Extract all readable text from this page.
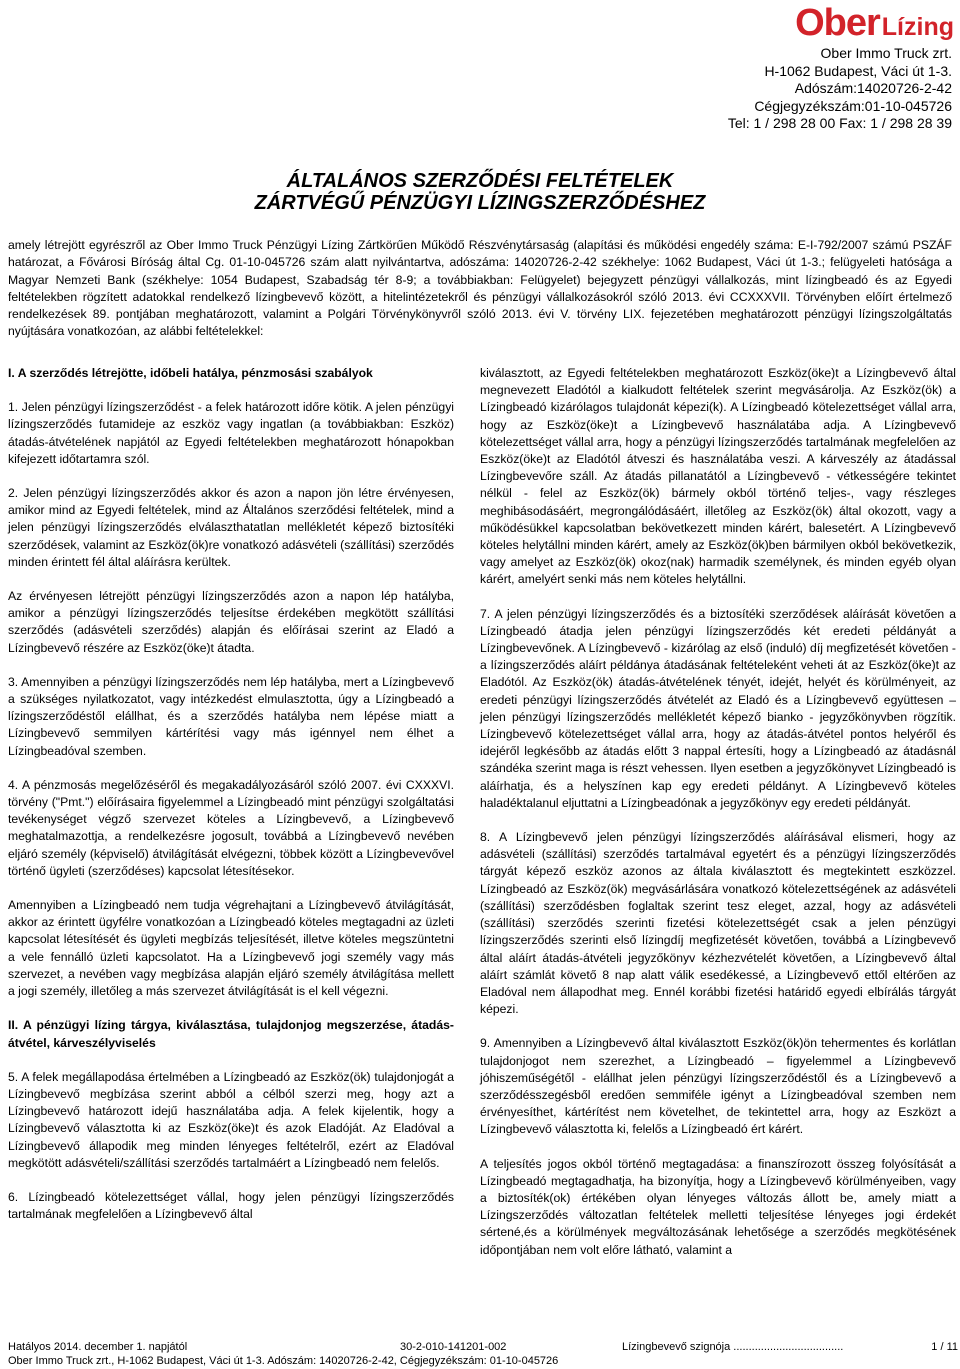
OberLízing
Ober Immo Truck zrt.
H-1062 Budapest, Váci út 1-3.
Adószám:14020726-2-42
Cégjegyzékszám:01-10-045726
Tel: 1 / 298 28 00 Fax: 1 / 298 28 39
ÁLTALÁNOS SZERZŐDÉSI FELTÉTELEK
ZÁRTVÉGŰ PÉNZÜGYI LÍZINGSZERZŐDÉSHEZ
amely létrejött egyrészről az Ober Immo Truck Pénzügyi Lízing Zártkörűen Működő Részvénytársaság (alapítási és működési engedély száma: E-I-792/2007 számú PSZÁF határozat, a Fővárosi Bíróság által Cg. 01-10-045726 szám alatt nyilvántartva, adószáma: 14020726-2-42 székhelye: 1062 Budapest, Váci út 1-3.; felügyeleti hatósága a Magyar Nemzeti Bank (székhelye: 1054 Budapest, Szabadság tér 8-9; a továbbiakban: Felügyelet) bejegyzett pénzügyi vállalkozás, mint lízingbeadó és az Egyedi feltételekben rögzített adatokkal rendelkező lízingbevevő között, a hitelintézetekről és pénzügyi vállalkozásokról szóló 2013. évi CCXXXVII. Törvényben előírt értelmező rendelkezések 89. pontjában meghatározott, valamint a Polgári Törvénykönyvről szóló 2013. évi V. törvény LIX. fejezetében meghatározott pénzügyi lízingszolgáltatás nyújtására vonatkozóan, az alábbi feltételekkel:
I. A szerződés létrejötte, időbeli hatálya, pénzmosási szabályok

1. Jelen pénzügyi lízingszerződést - a felek határozott időre kötik. A jelen pénzügyi lízingszerződés futamideje az eszköz vagy ingatlan (a továbbiakban: Eszköz) átadás-átvételének napjától az Egyedi feltételekben meghatározott hónapokban kifejezett időtartamra szól.

2. Jelen pénzügyi lízingszerződés akkor és azon a napon jön létre érvényesen, amikor mind az Egyedi feltételek, mind az Általános szerződési feltételek, mind a jelen pénzügyi lízingszerződés elválaszthatatlan mellékletét képező biztosítéki szerződések, valamint az Eszköz(ök)re vonatkozó adásvételi (szállítási) szerződés minden érintett fél által aláírásra kerültek.

Az érvényesen létrejött pénzügyi lízingszerződés azon a napon lép hatályba, amikor a pénzügyi lízingszerződés teljesítse érdekében megkötött szállítási szerződés (adásvételi szerződés) alapján és előírásai szerint az Eladó a Lízingbevevő részére az Eszköz(öke)t átadta.

3. Amennyiben a pénzügyi lízingszerződés nem lép hatályba, mert a Lízingbevevő a szükséges nyilatkozatot, vagy intézkedést elmulasztotta, úgy a Lízingbeadó a lízingszerződéstől elállhat, és a szerződés hatályba nem lépése miatt a Lízingbevevő semmilyen kártérítési vagy más igénnyel nem élhet a Lízingbeadóval szemben.

4. A pénzmosás megelőzéséről és megakadályozásáról szóló 2007. évi CXXXVI. törvény ("Pmt.") előírásaira figyelemmel a Lízingbeadó mint pénzügyi szolgáltatási tevékenységet végző szervezet köteles a Lízingbevevő, a Lízingbevevő meghatalmazottja, a rendelkezésre jogosult, továbbá a Lízingbevevő nevében eljáró személy (képviselő) átvilágítását elvégezni, többek között a Lízingbevevővel történő ügyleti (szerződéses) kapcsolat létesítésekor.

Amennyiben a Lízingbeadó nem tudja végrehajtani a Lízingbevevő átvilágítását, akkor az érintett ügyfélre vonatkozóan a Lízingbeadó köteles megtagadni az üzleti kapcsolat létesítését és ügyleti megbízás teljesítését, illetve köteles megszüntetni a vele fennálló üzleti kapcsolatot. Ha a Lízingbevevő jogi személy vagy más szervezet, a nevében vagy megbízása alapján eljáró személy átvilágítása mellett a jogi személy, illetőleg a más szervezet átvilágítását is el kell végezni.

II. A pénzügyi lízing tárgya, kiválasztása, tulajdonjog megszerzése, átadás-átvétel, kárveszélyviselés

5. A felek megállapodása értelmében a Lízingbeadó az Eszköz(ök) tulajdonjogát a Lízingbevevő megbízása szerint abból a célból szerzi meg, hogy azt a Lízingbevevő határozott idejű használatába adja. A felek kijelentik, hogy a Lízingbevevő választotta ki az Eszköz(öke)t és azok Eladóját. Az Eladóval a Lízingbevevő állapodik meg minden lényeges feltételről, ezért az Eladóval megkötött adásvételi/szállítási szerződés tartalmáért a Lízingbeadó nem felelős.

6. Lízingbeadó kötelezettséget vállal, hogy jelen pénzügyi lízingszerződés tartalmának megfelelően a Lízingbevevő által

kiválasztott, az Egyedi feltételekben meghatározott Eszköz(öke)t a Lízingbevevő által megnevezett Eladótól a kialkudott feltételek szerint megvásárolja. Az Eszköz(ök) a Lízingbeadó kizárólagos tulajdonát képezi(k). A Lízingbeadó kötelezettséget vállal arra, hogy az Eszköz(öke)t a Lízingbevevő használatába adja. A Lízingbevevő kötelezettséget vállal arra, hogy a pénzügyi lízingszerződés tartalmának megfelelően az Eszköz(öke)t az Eladótól átveszi és használatába veszi. A kárveszély az átadással Lízingbevevőre száll. Az átadás pillanatától a Lízingbevevő - vétkességére tekintet nélkül - felel az Eszköz(ök) bármely okból történő teljes-, vagy részleges meghibásodásáért, megrongálódásáért, illetőleg az Eszköz(ök) által okozott, vagy a működésükkel kapcsolatban bekövetkezett minden kárért, balesetért. A Lízingbevevő köteles helytállni minden kárért, amely az Eszköz(ök)ben bármilyen okból bekövetkezik, vagy amelyet az Eszköz(ök) okoz(nak) harmadik személynek, és minden egyéb olyan kárért, amelyért senki más nem köteles helytállni.

7. A jelen pénzügyi lízingszerződés és a biztosítéki szerződések aláírását követően a Lízingbeadó átadja jelen pénzügyi lízingszerződés két eredeti példányát a Lízingbevevőnek. A Lízingbevevő - kizárólag az első (induló) díj megfizetését követően - a lízingszerződés aláírt példánya átadásának feltételeként veheti át az Eszköz(öke)t az Eladótól. Az Eszköz(ök) átadás-átvételének tényét, idejét, helyét és körülményeit, az eredeti pénzügyi lízingszerződés átvételét az Eladó és a Lízingbevevő együttesen – jelen pénzügyi lízingszerződés mellékletét képező bianko - jegyzőkönyvben rögzítik. Lízingbevevő kötelezettséget vállal arra, hogy az átadás-átvétel pontos helyéről és idejéről legkésőbb az átadás előtt 3 nappal értesíti, hogy a Lízingbeadó az átadásnál szándéka szerint maga is részt vehessen. Ilyen esetben a jegyzőkönyvet Lízingbeadó is aláírhatja, és a helyszínen kap egy eredeti példányt. A Lízingbevevő köteles haladéktalanul eljuttatni a Lízingbeadónak a jegyzőkönyv egy eredeti példányát.

8. A Lízingbevevő jelen pénzügyi lízingszerződés aláírásával elismeri, hogy az adásvételi (szállítási) szerződés tartalmával egyetért és a pénzügyi lízingszerződés tárgyát képező eszköz azonos az általa kiválasztott és megtekintett eszközzel. Lízingbeadó az Eszköz(ök) megvásárlására vonatkozó kötelezettségének az adásvételi (szállítási) szerződésben foglaltak szerint tesz eleget, azzal, hogy az adásvételi (szállítási) szerződés szerinti fizetési kötelezettségét csak a jelen pénzügyi lízingszerződés szerinti első lízingdíj megfizetését követően, továbbá a Lízingbevevő által aláírt átadás-átvételi jegyzőkönyv kézhezvételét követően, a Lízingbevevő által aláírt számlát követő 8 nap alatt válik esedékessé, a Lízingbevevő ettől eltérően az Eladóval nem állapodhat meg. Ennél korábbi fizetési határidő egyedi elbírálás tárgyát képezi.

9. Amennyiben a Lízingbevevő által kiválasztott Eszköz(ök)ön tehermentes és korlátlan tulajdonjogot nem szerezhet, a Lízingbeadó – figyelemmel a Lízingbevevő jóhiszeműségétől - elállhat jelen pénzügyi lízingszerződéstől és a Lízingbevevő a szerződésszegésből eredően semmiféle igényt a Lízingbeadóval szemben nem érvényesíthet, kártérítést nem követelhet, de tekintettel arra, hogy az Eszközt a Lízingbevevő választotta ki, felelős a Lízingbeadó ért kárért.

A teljesítés jogos okból történő megtagadása: a finanszírozott összeg folyósítását a Lízingbeadó megtagadhatja, ha bizonyítja, hogy a Lízingbevevő körülményeiben, vagy a biztosíték(ok) értékében olyan lényeges változás állott be, amely miatt a Lízingszerződés változatlan feltételek melletti teljesítése lényeges jogi érdekét sértené,és a körülmények megváltozásának lehetősége a szerződés megkötésének időpontjában nem volt előre látható, valamint a

Hatályos 2014. december 1. napjától	30-2-010-141201-002	Lízingbevevő szignója ....................................	1 / 11
Ober Immo Truck zrt., H-1062 Budapest, Váci út 1-3. Adószám: 14020726-2-42, Cégjegyzékszám: 01-10-045726
